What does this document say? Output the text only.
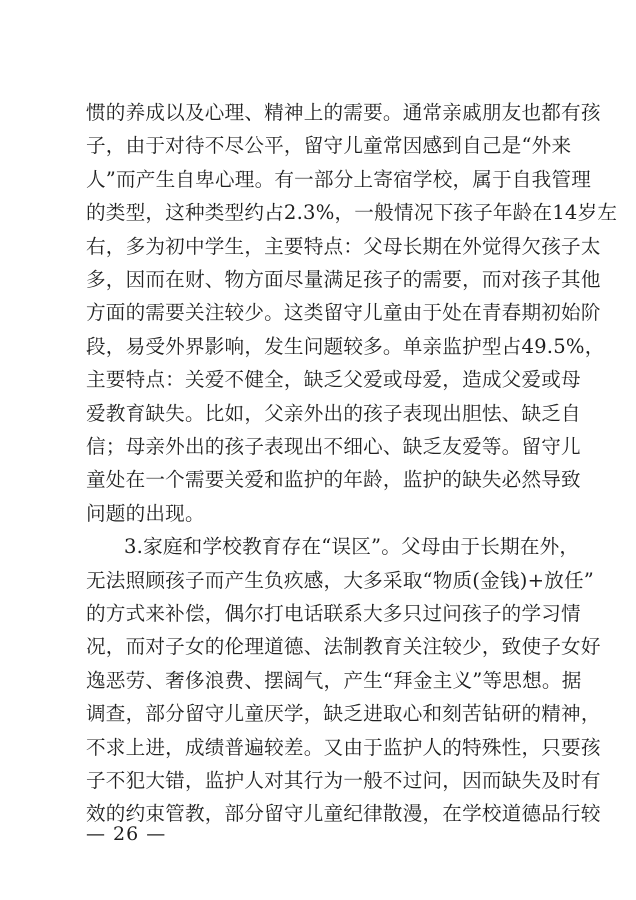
惯的养成以及心理、精神上的需要。通常亲戚朋友也都有孩
子，由于对待不尽公平，留守儿童常因感到自己是“外来
人”而产生自卑心理。有一部分上寄宿学校，属于自我管理
的类型，这种类型约占2.3%，一般情况下孩子年龄在14岁左
右，多为初中学生，主要特点：父母长期在外觉得欠孩子太
多，因而在财、物方面尽量满足孩子的需要，而对孩子其他
方面的需要关注较少。这类留守儿童由于处在青春期初始阶
段，易受外界影响，发生问题较多。单亲监护型占49.5%，
主要特点：关爱不健全，缺乏父爱或母爱，造成父爱或母
爱教育缺失。比如，父亲外出的孩子表现出胆怯、缺乏自
信；母亲外出的孩子表现出不细心、缺乏友爱等。留守儿
童处在一个需要关爱和监护的年龄，监护的缺失必然导致
问题的出现。
3.家庭和学校教育存在“误区”。父母由于长期在外，
无法照顾孩子而产生负疚感，大多采取“物质(金钱)+放任”
的方式来补偿，偶尔打电话联系大多只过问孩子的学习情
况，而对子女的伦理道德、法制教育关注较少，致使子女好
逸恶劳、奢侈浪费、摆阔气，产生“拜金主义”等思想。据
调查，部分留守儿童厌学，缺乏进取心和刻苦钻研的精神，
不求上进，成绩普遍较差。又由于监护人的特殊性，只要孩
子不犯大错，监护人对其行为一般不过问，因而缺失及时有
效的约束管教，部分留守儿童纪律散漫，在学校道德品行较
— 26 —
